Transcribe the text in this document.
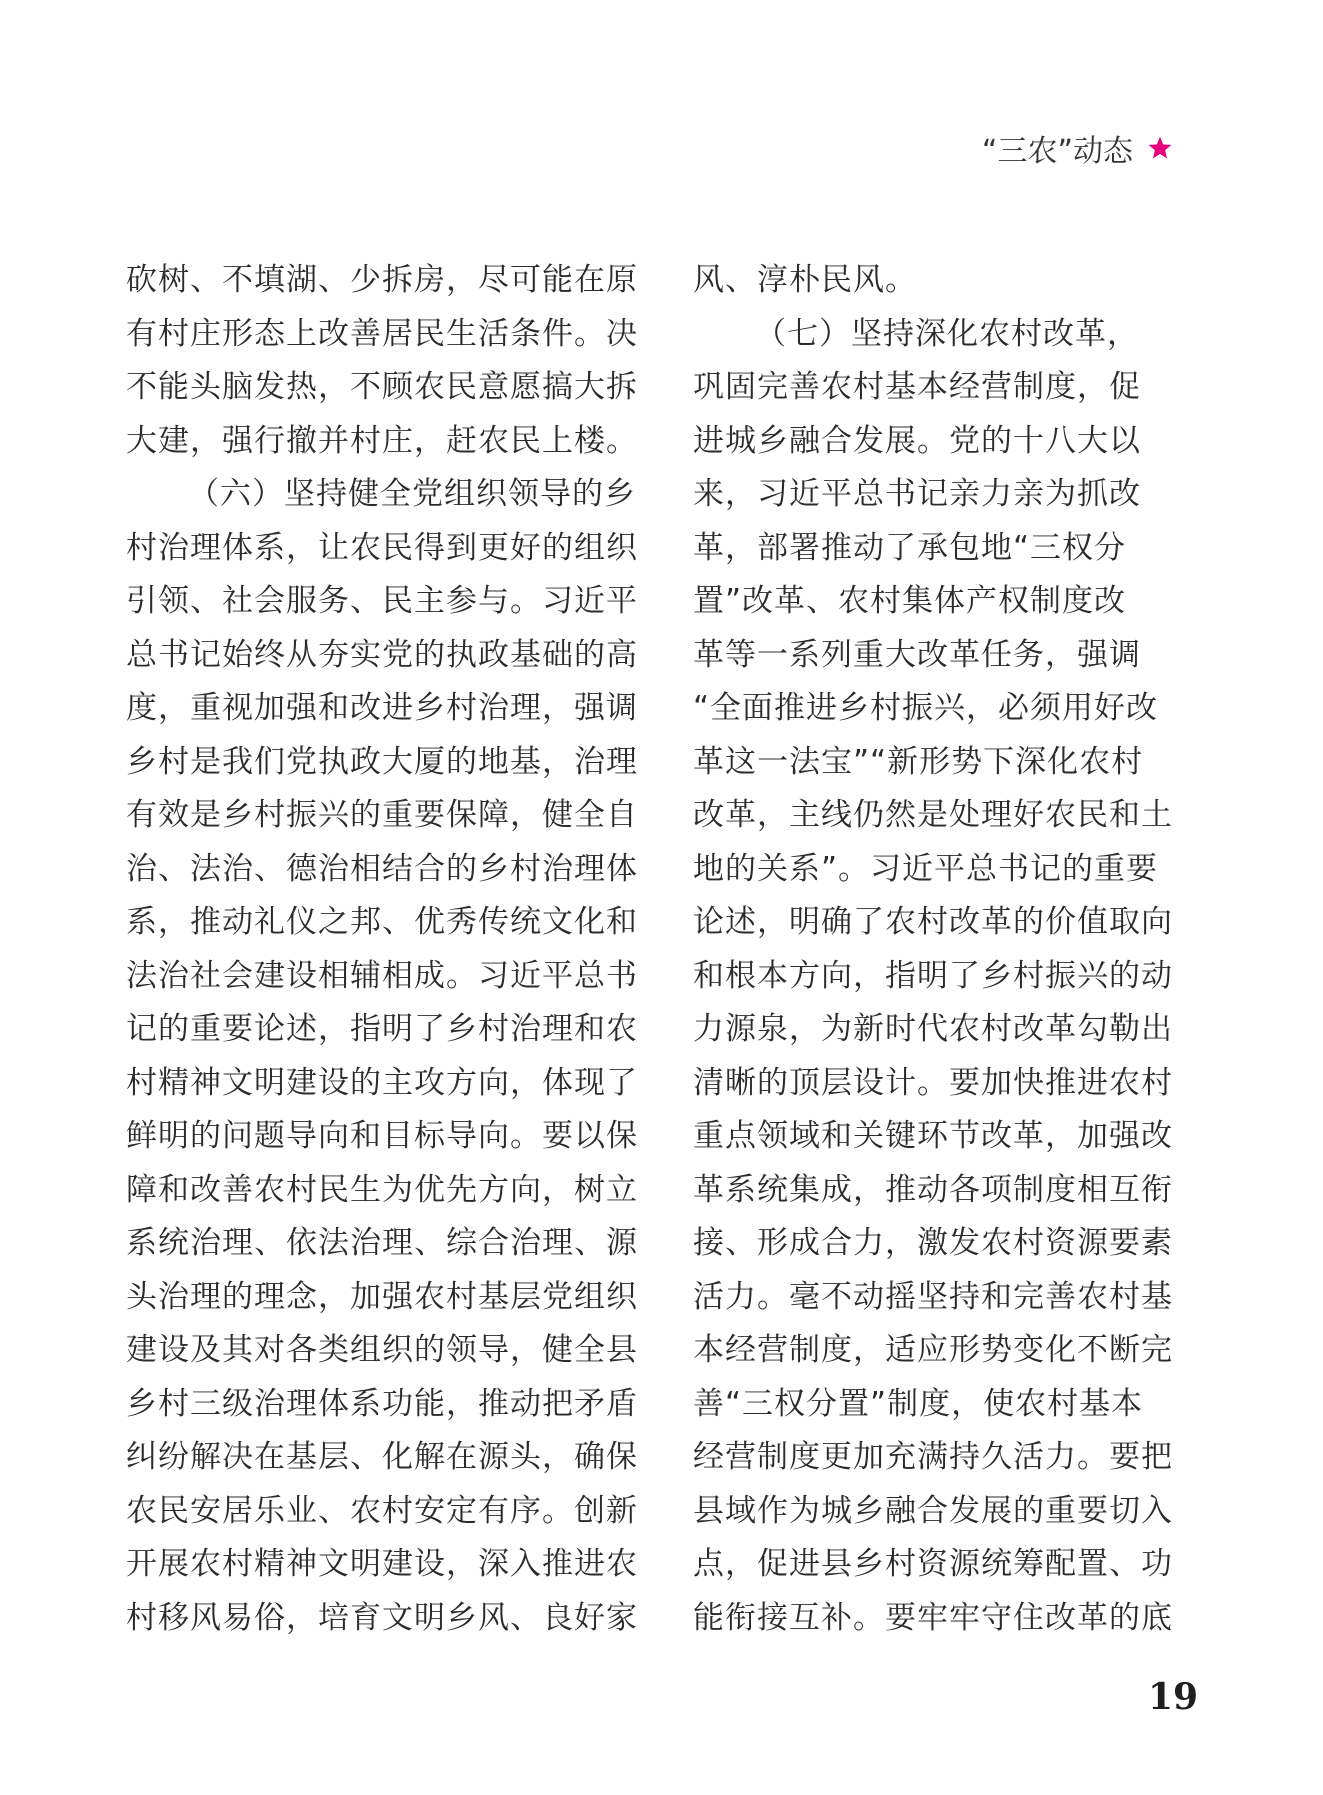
“三农”动态
砍树、不填湖、少拆房，尽可能在原
有村庄形态上改善居民生活条件。决
不能头脑发热，不顾农民意愿搞大拆
大建，强行撤并村庄，赶农民上楼。
（六）坚持健全党组织领导的乡
村治理体系，让农民得到更好的组织
引领、社会服务、民主参与。习近平
总书记始终从夯实党的执政基础的高
度，重视加强和改进乡村治理，强调
乡村是我们党执政大厦的地基，治理
有效是乡村振兴的重要保障，健全自
治、法治、德治相结合的乡村治理体
系，推动礼仪之邦、优秀传统文化和
法治社会建设相辅相成。习近平总书
记的重要论述，指明了乡村治理和农
村精神文明建设的主攻方向，体现了
鲜明的问题导向和目标导向。要以保
障和改善农村民生为优先方向，树立
系统治理、依法治理、综合治理、源
头治理的理念，加强农村基层党组织
建设及其对各类组织的领导，健全县
乡村三级治理体系功能，推动把矛盾
纠纷解决在基层、化解在源头，确保
农民安居乐业、农村安定有序。创新
开展农村精神文明建设，深入推进农
村移风易俗，培育文明乡风、良好家
风、淳朴民风。
（七）坚持深化农村改革，
巩固完善农村基本经营制度，促
进城乡融合发展。党的十八大以
来，习近平总书记亲力亲为抓改
革，部署推动了承包地“三权分
置”改革、农村集体产权制度改
革等一系列重大改革任务，强调
“全面推进乡村振兴，必须用好改
革这一法宝”“新形势下深化农村
改革，主线仍然是处理好农民和土
地的关系”。习近平总书记的重要
论述，明确了农村改革的价值取向
和根本方向，指明了乡村振兴的动
力源泉，为新时代农村改革勾勒出
清晰的顶层设计。要加快推进农村
重点领域和关键环节改革，加强改
革系统集成，推动各项制度相互衔
接、形成合力，激发农村资源要素
活力。毫不动摇坚持和完善农村基
本经营制度，适应形势变化不断完
善“三权分置”制度，使农村基本
经营制度更加充满持久活力。要把
县域作为城乡融合发展的重要切入
点，促进县乡村资源统筹配置、功
能衔接互补。要牢牢守住改革的底
19
